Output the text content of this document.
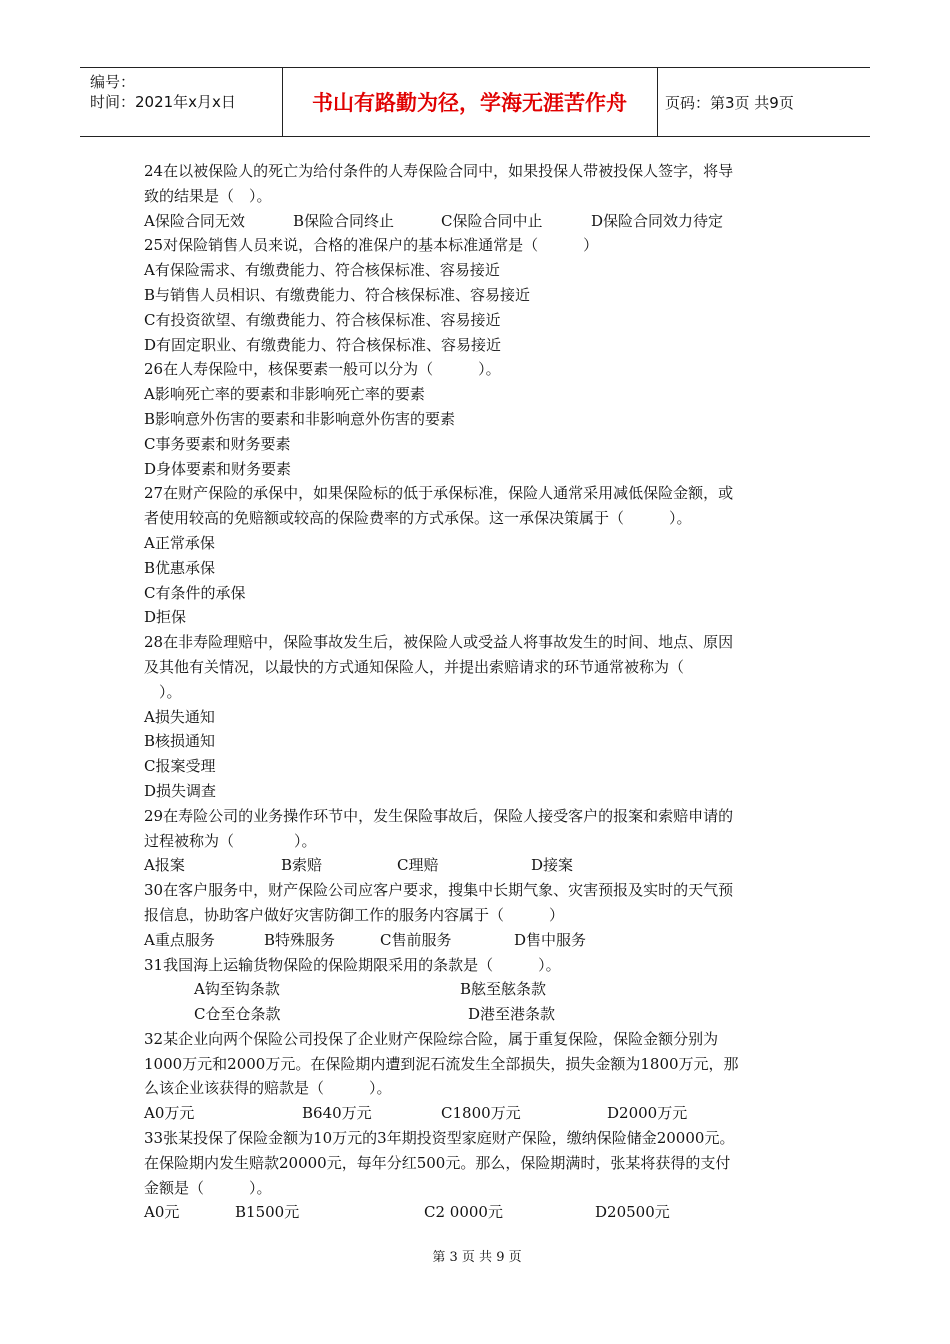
编号：
时间：2021年x月x日	书山有路勤为径，学海无涯苦作舟	页码：第3页 共9页
24在以被保险人的死亡为给付条件的人寿保险合同中，如果投保人带被投保人签字，将导
致的结果是（　）。
A保险合同无效	B保险合同终止	C保险合同中止	D保险合同效力待定
25对保险销售人员来说，合格的准保户的基本标准通常是（　　　）
A有保险需求、有缴费能力、符合核保标准、容易接近
B与销售人员相识、有缴费能力、符合核保标准、容易接近
C有投资欲望、有缴费能力、符合核保标准、容易接近
D有固定职业、有缴费能力、符合核保标准、容易接近
26在人寿保险中，核保要素一般可以分为（　　　）。
A影响死亡率的要素和非影响死亡率的要素
B影响意外伤害的要素和非影响意外伤害的要素
C事务要素和财务要素
D身体要素和财务要素
27在财产保险的承保中，如果保险标的低于承保标准，保险人通常采用减低保险金额，或
者使用较高的免赔额或较高的保险费率的方式承保。这一承保决策属于（　　　）。
A正常承保
B优惠承保
C有条件的承保
D拒保
28在非寿险理赔中，保险事故发生后，被保险人或受益人将事故发生的时间、地点、原因
及其他有关情况，以最快的方式通知保险人，并提出索赔请求的环节通常被称为（
　）。
A损失通知
B核损通知
C报案受理
D损失调查
29在寿险公司的业务操作环节中，发生保险事故后，保险人接受客户的报案和索赔申请的
过程被称为（　　　　）。
A报案	B索赔	C理赔	D接案
30在客户服务中，财产保险公司应客户要求，搜集中长期气象、灾害预报及实时的天气预
报信息，协助客户做好灾害防御工作的服务内容属于（　　　）
A重点服务	B特殊服务	C售前服务	D售中服务
31我国海上运输货物保险的保险期限采用的条款是（　　　）。
A钩至钩条款	B舷至舷条款
C仓至仓条款	D港至港条款
32某企业向两个保险公司投保了企业财产保险综合险，属于重复保险，保险金额分别为
1000万元和2000万元。在保险期内遭到泥石流发生全部损失，损失金额为1800万元，那
么该企业该获得的赔款是（　　　）。
A0万元	B640万元	C1800万元	D2000万元
33张某投保了保险金额为10万元的3年期投资型家庭财产保险，缴纳保险储金20000元。
在保险期内发生赔款20000元，每年分红500元。那么，保险期满时，张某将获得的支付
金额是（　　　）。
A0元	B1500元	C2 0000元	D20500元
第 3 页 共 9 页
